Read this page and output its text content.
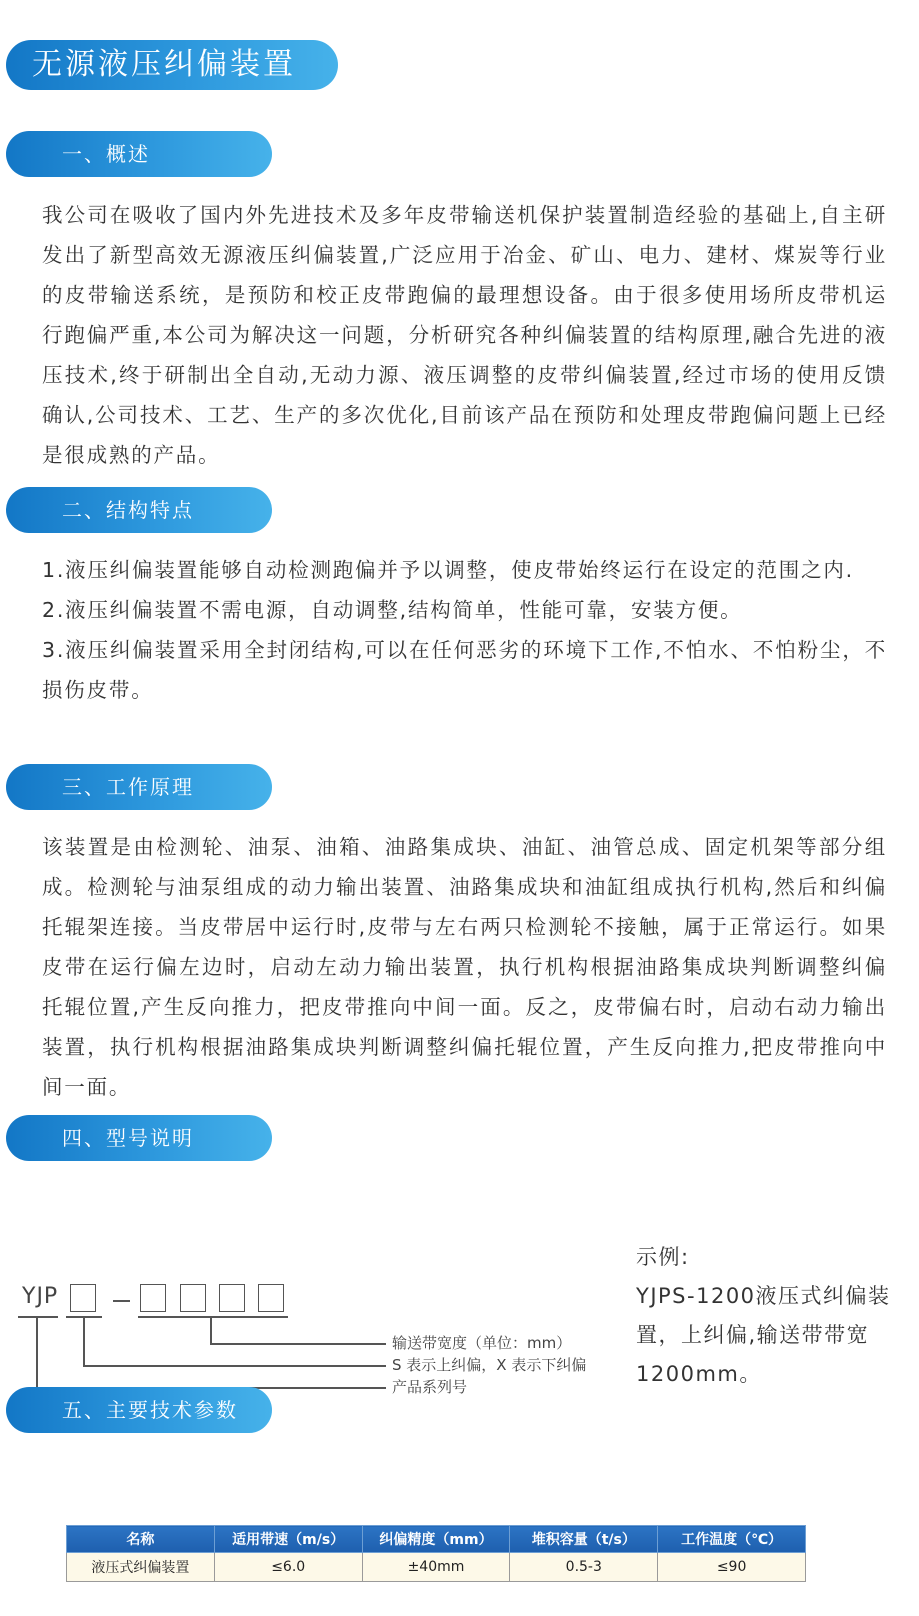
无源液压纠偏装置
一、概述
我公司在吸收了国内外先进技术及多年皮带输送机保护装置制造经验的基础上,自主研发出了新型高效无源液压纠偏装置,广泛应用于冶金、矿山、电力、建材、煤炭等行业的皮带输送系统，是预防和校正皮带跑偏的最理想设备。由于很多使用场所皮带机运行跑偏严重,本公司为解决这一问题，分析研究各种纠偏装置的结构原理,融合先进的液压技术,终于研制出全自动,无动力源、液压调整的皮带纠偏装置,经过市场的使用反馈确认,公司技术、工艺、生产的多次优化,目前该产品在预防和处理皮带跑偏问题上已经是很成熟的产品。
二、结构特点

1.液压纠偏装置能够自动检测跑偏并予以调整，使皮带始终运行在设定的范围之内.

2.液压纠偏装置不需电源，自动调整,结构简单，性能可靠，安装方便。

3.液压纠偏装置采用全封闭结构,可以在任何恶劣的环境下工作,不怕水、不怕粉尘，不损伤皮带。

三、工作原理
该装置是由检测轮、油泵、油箱、油路集成块、油缸、油管总成、固定机架等部分组成。检测轮与油泵组成的动力输出装置、油路集成块和油缸组成执行机构,然后和纠偏托辊架连接。当皮带居中运行时,皮带与左右两只检测轮不接触，属于正常运行。如果皮带在运行偏左边时，启动左动力输出装置，执行机构根据油路集成块判断调整纠偏托辊位置,产生反向推力，把皮带推向中间一面。反之，皮带偏右时，启动右动力输出装置，执行机构根据油路集成块判断调整纠偏托辊位置，产生反向推力,把皮带推向中间一面。
四、型号说明
YJP
输送带宽度（单位：mm）
S 表示上纠偏，X 表示下纠偏
产品系列号

示例:

YJPS-1200液压式纠偏装置，上纠偏,输送带带宽1200mm。

五、主要技术参数
名称	适用带速（m/s）	纠偏精度（mm）	堆积容量（t/s）	工作温度（℃）
液压式纠偏装置	≤6.0	±40mm	0.5-3	≤90
